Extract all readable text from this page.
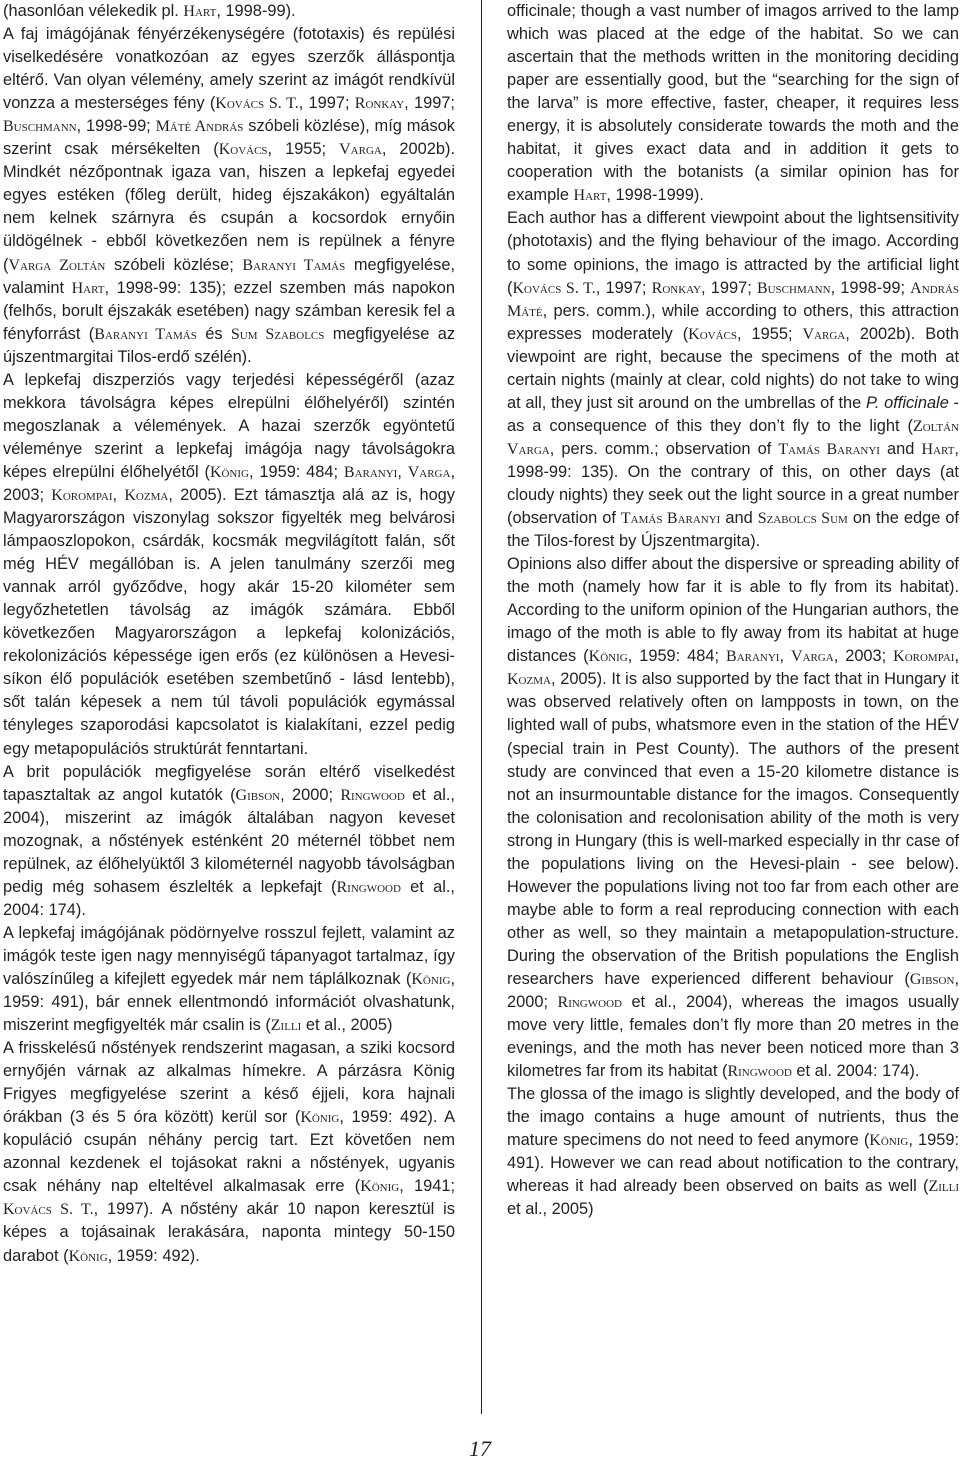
(hasonlóan vélekedik pl. Hart, 1998-99).

A faj imágójának fényérzékenységére (fototaxis) és repülési viselkedésére vonatkozóan az egyes szerzők álláspontja eltérő. Van olyan vélemény, amely szerint az imágót rendkívül vonzza a mesterséges fény (Kovács S. T., 1997; Ronkay, 1997; Buschmann, 1998-99; Máté András szóbeli közlése), míg mások szerint csak mérsékelten (Kovács, 1955; Varga, 2002b). Mindkét nézőpontnak igaza van, hiszen a lepkefaj egyedei egyes estéken (főleg derült, hideg éjszakákon) egyáltalán nem kelnek szárnyra és csupán a kocsordok ernyőin üldögélnek - ebből következően nem is repülnek a fényre (Varga Zoltán szóbeli közlése; Baranyi Tamás megfigyelése, valamint Hart, 1998-99: 135); ezzel szemben más napokon (felhős, borult éjszakák esetében) nagy számban keresik fel a fényforrást (Baranyi Tamás és Sum Szabolcs megfigyelése az újszentmargitai Tilos-erdő szélén).

A lepkefaj diszperziós vagy terjedési képességéről (azaz mekkora távolságra képes elrepülni élőhelyéről) szintén megoszlanak a vélemények. A hazai szerzők egyöntetű véleménye szerint a lepkefaj imágója nagy távolságokra képes elrepülni élőhelyétől (König, 1959: 484; Baranyi, Varga, 2003; Korompai, Kozma, 2005). Ezt támasztja alá az is, hogy Magyarországon viszonylag sokszor figyelték meg belvárosi lámpaoszlopokon, csárdák, kocsmák megvilágított falán, sőt még HÉV megállóban is. A jelen tanulmány szerzői meg vannak arról győződve, hogy akár 15-20 kilométer sem legyőzhetetlen távolság az imágók számára. Ebből következően Magyarországon a lepkefaj kolonizációs, rekolonizációs képessége igen erős (ez különösen a Hevesi-síkon élő populációk esetében szembetűnő - lásd lentebb), sőt talán képesek a nem túl távoli populációk egymással tényleges szaporodási kapcsolatot is kialakítani, ezzel pedig egy metapopulációs struktúrát fenntartani.

A brit populációk megfigyelése során eltérő viselkedést tapasztaltak az angol kutatók (Gibson, 2000; Ringwood et al., 2004), miszerint az imágók általában nagyon keveset mozognak, a nőstények esténként 20 méternél többet nem repülnek, az élőhelyüktől 3 kilométernél nagyobb távolságban pedig még sohasem észlelték a lepkefajt (Ringwood et al., 2004: 174).

A lepkefaj imágójának pödörnyelve rosszul fejlett, valamint az imágók teste igen nagy mennyiségű tápanyagot tartalmaz, így valószínűleg a kifejlett egyedek már nem táplálkoznak (König, 1959: 491), bár ennek ellentmondó információt olvashatunk, miszerint megfigyelték már csalin is (Zilli et al., 2005)

A frisskelésű nőstények rendszerint magasan, a sziki kocsord ernyőjén várnak az alkalmas hímekre. A párzásra König Frigyes megfigyelése szerint a késő éjjeli, kora hajnali órákban (3 és 5 óra között) kerül sor (König, 1959: 492). A kopuláció csupán néhány percig tart. Ezt követően nem azonnal kezdenek el tojásokat rakni a nőstények, ugyanis csak néhány nap elteltével alkalmasak erre (König, 1941; Kovács S. T., 1997). A nőstény akár 10 napon keresztül is képes a tojásainak lerakására, naponta mintegy 50-150 darabot (König, 1959: 492).

officinale; though a vast number of imagos arrived to the lamp which was placed at the edge of the habitat. So we can ascertain that the methods written in the monitoring deciding paper are essentially good, but the “searching for the sign of the larva” is more effective, faster, cheaper, it requires less energy, it is absolutely considerate towards the moth and the habitat, it gives exact data and in addition it gets to cooperation with the botanists (a similar opinion has for example Hart, 1998-1999).

Each author has a different viewpoint about the lightsensitivity (phototaxis) and the flying behaviour of the imago. According to some opinions, the imago is attracted by the artificial light (Kovács S. T., 1997; Ronkay, 1997; Buschmann, 1998-99; András Máté, pers. comm.), while according to others, this attraction expresses moderately (Kovács, 1955; Varga, 2002b). Both viewpoint are right, because the specimens of the moth at certain nights (mainly at clear, cold nights) do not take to wing at all, they just sit around on the umbrellas of the P. officinale - as a consequence of this they don’t fly to the light (Zoltán Varga, pers. comm.; observation of Tamás Baranyi and Hart, 1998-99: 135). On the contrary of this, on other days (at cloudy nights) they seek out the light source in a great number (observation of Tamás Baranyi and Szabolcs Sum on the edge of the Tilos-forest by Újszentmargita).

Opinions also differ about the dispersive or spreading ability of the moth (namely how far it is able to fly from its habitat). According to the uniform opinion of the Hungarian authors, the imago of the moth is able to fly away from its habitat at huge distances (König, 1959: 484; Baranyi, Varga, 2003; Korompai, Kozma, 2005). It is also supported by the fact that in Hungary it was observed relatively often on lampposts in town, on the lighted wall of pubs, whatsmore even in the station of the HÉV (special train in Pest County). The authors of the present study are convinced that even a 15-20 kilometre distance is not an insurmountable distance for the imagos. Consequently the colonisation and recolonisation ability of the moth is very strong in Hungary (this is well-marked especially in thr case of the populations living on the Hevesi-plain - see below). However the populations living not too far from each other are maybe able to form a real reproducing connection with each other as well, so they maintain a metapopulation-structure. During the observation of the British populations the English researchers have experienced different behaviour (Gibson, 2000; Ringwood et al., 2004), whereas the imagos usually move very little, females don’t fly more than 20 metres in the evenings, and the moth has never been noticed more than 3 kilometres far from its habitat (Ringwood et al. 2004: 174).

The glossa of the imago is slightly developed, and the body of the imago contains a huge amount of nutrients, thus the mature specimens do not need to feed anymore (König, 1959: 491). However we can read about notification to the contrary, whereas it had already been observed on baits as well (Zilli et al., 2005)

17
